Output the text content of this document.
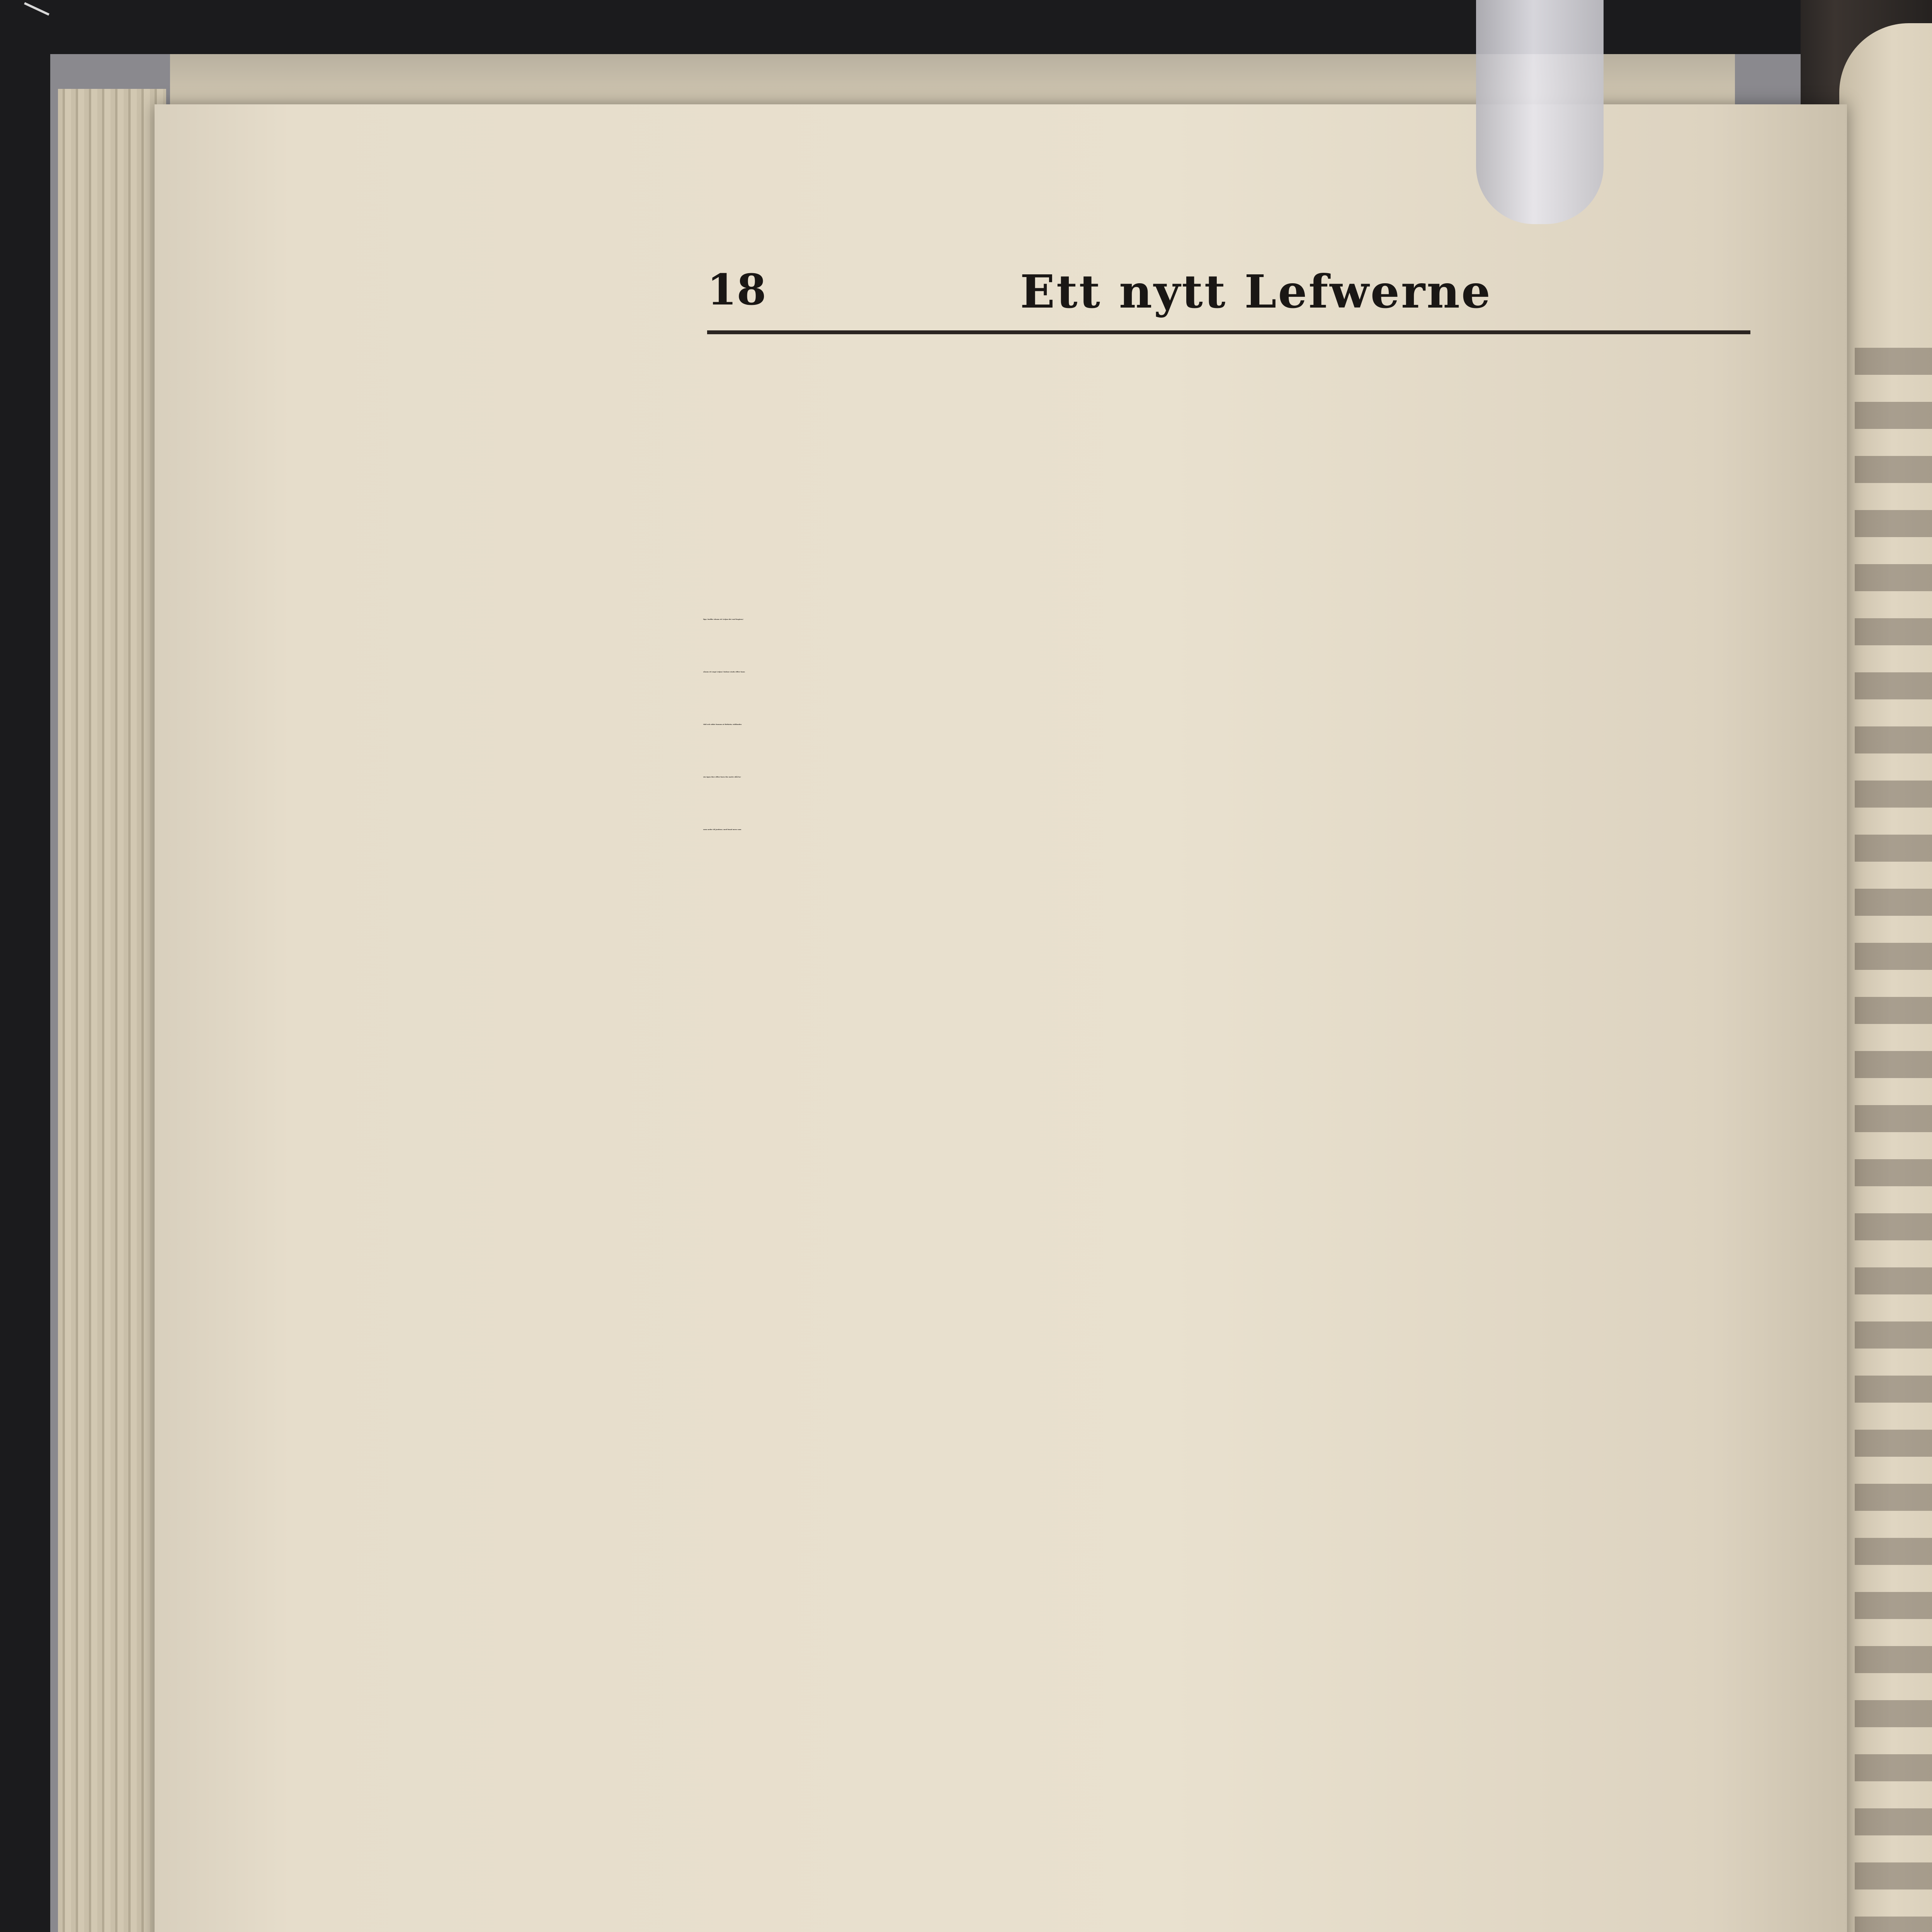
18	Ett nytt Lefwerne
lige; hwilke såsom ett Leijon det roof begärar/
såsom ett ungt Leijon i kulone stodo effter hans
Siäl och sökte honom at förhäria; ställandes
sin ögon ther effter huru the motte slåå ho-
nom neder til Jordene; med hwad mera som
